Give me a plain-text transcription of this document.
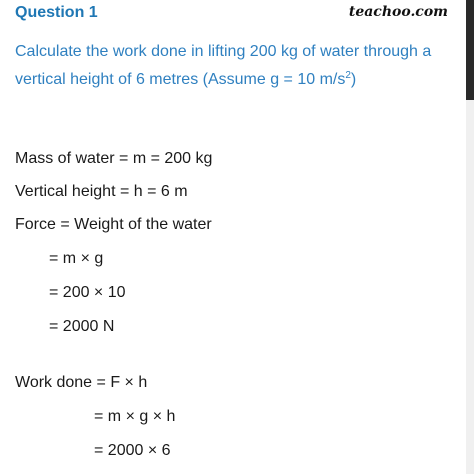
Question 1	teachoo.com
Calculate the work done in lifting 200 kg of water through a vertical height of 6 metres (Assume g = 10 $m/s^2$)
Mass of water = m = 200 kg
Vertical height = h = 6 m
Force = Weight of the water
= m × g
= 200 × 10
= 2000 N
Work done = F × h
= m × g × h
= 2000 × 6
